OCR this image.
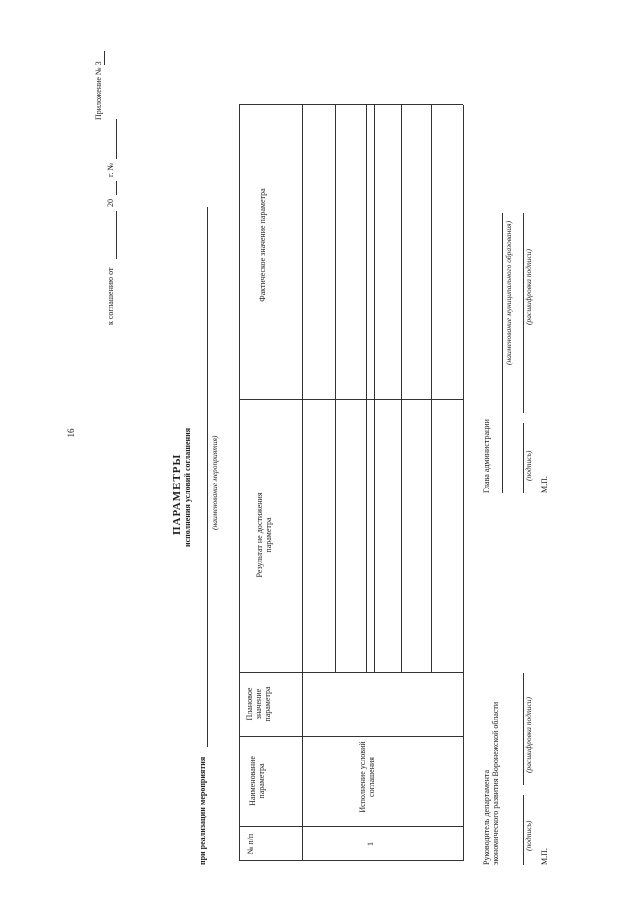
16
Приложение № 3
к соглашению от
20
г. №
ПАРАМЕТРЫ исполнения условий соглашения
при реализации мероприятия
(наименование мероприятия)
№ п/п
Наименование параметра
Плановое значение параметра
Результат не достижения параметра
Фактическое значение параметра
1
Исполнение условий соглашения	Руководитель департамента экономического развития Воронежской области	(подпись)
(расшифровка подписи)
М.П.
Глава администрации
(наименование муниципального образования)
(подпись)
(расшифровка подписи)
М.П.
